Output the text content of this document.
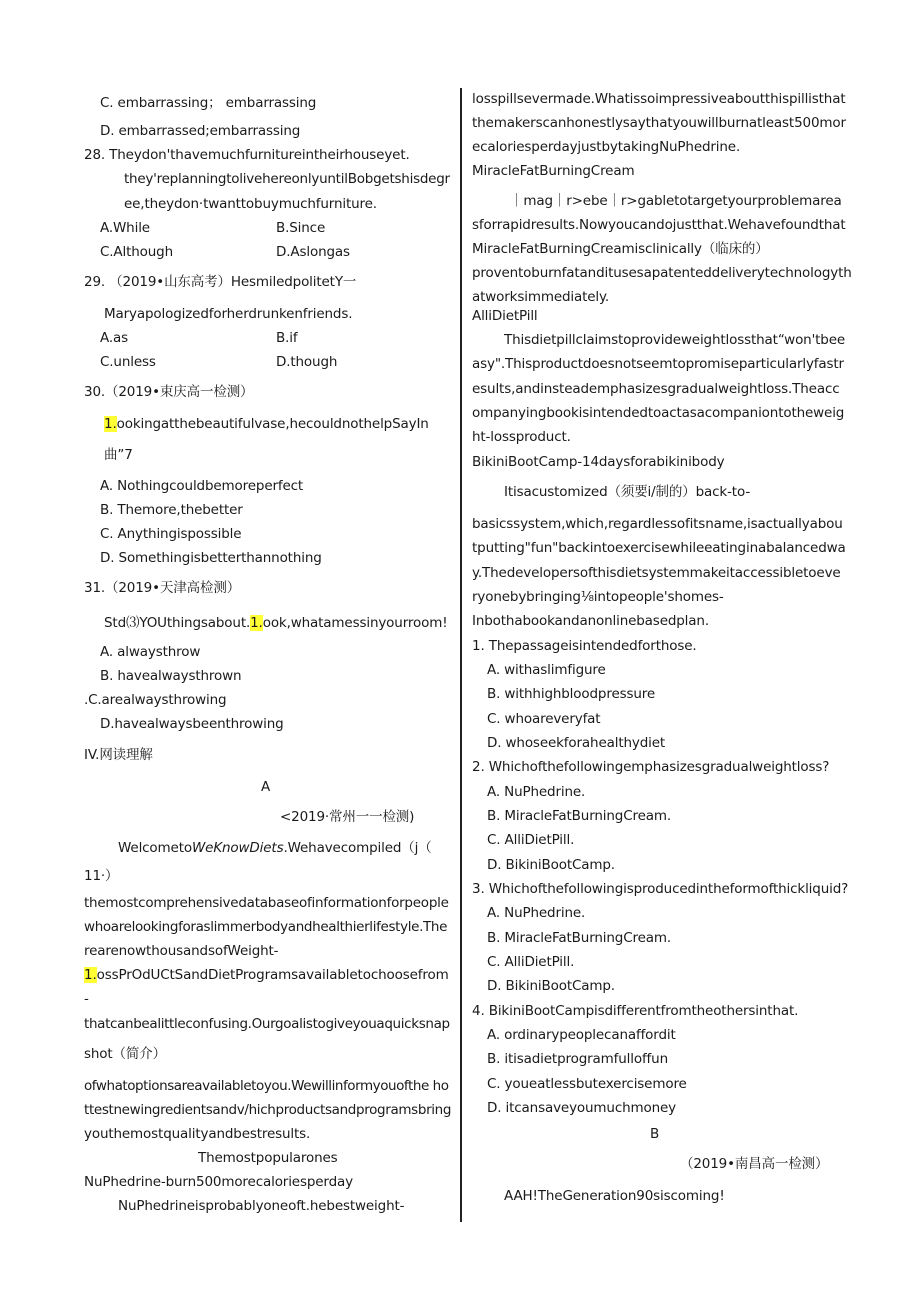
C. embarrassing； embarrassing
D. embarrassed;embarrassing
28. Theydon'thavemuchfurnitureintheirhouseyet.
they'replanningtolivehereonlyuntilBobgetshisdegr
ee,theydon·twanttobuymuchfurniture.
A.While	B.Since
C.Although	D.Aslongas
29. （2019•山东高考）HesmiledpolitetY一
Maryapologizedforherdrunkenfriends.
A.as	B.if
C.unless	D.though
30.（2019•束庆高一检测）
1.ookingatthebeautifulvase,hecouldnothelpSayIn
曲”7
A. Nothingcouldbemoreperfect
B. Themore,thebetter
C. Anythingispossible
D. Somethingisbetterthannothing
31.（2019•天津高检测）
Std⑶YOUthingsabout.1.ook,whatamessinyourroom!
A. alwaysthrow
B. havealwaysthrown
.C.arealwaysthrowing
D.havealwaysbeenthrowing
IV.网读理解
A
<2019·常州一一检测)
WelcometoWeKnowDiets.Wehavecompiled（j（
11·）
themostcomprehensivedatabaseofinformationforpeople
whoarelookingforaslimmerbodyandhealthierlifestyle.The
rearenowthousandsofWeight-
1.ossPrOdUCtSandDietProgramsavailabletochoosefrom
-
thatcanbealittleconfusing.Ourgoalistogiveyouaquicksnap
shot（简介）
ofwhatoptionsareavailabletoyou.Wewillinformyouofthe ho
ttestnewingredientsandv/hichproductsandprogramsbring
youthemostqualityandbestresults.
Themostpopularones
NuPhedrine-burn500morecaloriesperday
NuPhedrineisprobablyoneoft.hebestweight-
losspillsevermade.Whatissoimpressiveaboutthispillisthat
themakerscanhonestlysaythatyouwillburnatleast500mor
ecaloriesperdayjustbytakingNuPhedrine.
MiracleFatBurningCream
｜mag｜r>ebe｜r>gabletotargetyourproblemarea
sforrapidresults.Nowyoucandojustthat.Wehavefoundthat
MiracleFatBurningCreamisclinically（临床的）
proventoburnfatanditusesapatenteddeliverytechnologyth
atworksimmediately.
AlliDietPill
Thisdietpillclaimstoprovideweightlossthat“won'tbee
asy".Thisproductdoesnotseemtopromiseparticularlyfastr
esults,andinsteademphasizesgradualweightloss.Theacc
ompanyingbookisintendedtoactasacompaniontotheweig
ht-lossproduct.
BikiniBootCamp-14daysforabikinibody
Itisacustomized（须要i/制的）back-to-
basicssystem,which,regardlessofitsname,isactuallyabou
tputting"fun"backintoexercisewhileeatinginabalancedwa
y.Thedevelopersofthisdietsystemmakeitaccessibletoeve
ryonebybringing⅛intopeople'shomes-
Inbothabookandanonlinebasedplan.
1. Thepassageisintendedforthose.
A. withaslimfigure
B. withhighbloodpressure
C. whoareveryfat
D. whoseekforahealthydiet
2. Whichofthefollowingemphasizesgradualweightloss?
A. NuPhedrine.
B. MiracleFatBurningCream.
C. AlliDietPill.
D. BikiniBootCamp.
3. Whichofthefollowingisproducedintheformofthickliquid?
A. NuPhedrine.
B. MiracleFatBurningCream.
C. AlliDietPill.
D. BikiniBootCamp.
4. BikiniBootCampisdifferentfromtheothersinthat.
A. ordinarypeoplecanaffordit
B. itisadietprogramfulloffun
C. youeatlessbutexercisemore
D. itcansaveyoumuchmoney
B
（2019•南昌高一检测）
AAH!TheGeneration90siscoming!
